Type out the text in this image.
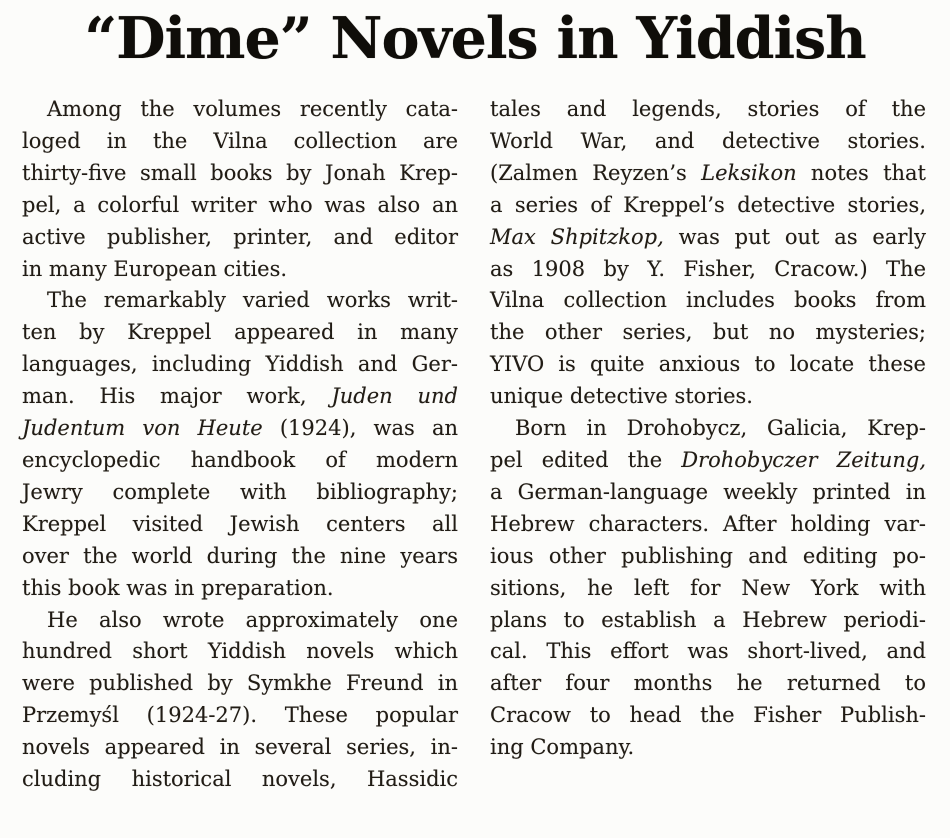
“Dime” Novels in Yiddish
Among the volumes recently cata-
loged in the Vilna collection are
thirty-five small books by Jonah Krep-
pel, a colorful writer who was also an
active publisher, printer, and editor
in many European cities.
The remarkably varied works writ-
ten by Kreppel appeared in many
languages, including Yiddish and Ger-
man. His major work, Juden und
Judentum von Heute (1924), was an
encyclopedic handbook of modern
Jewry complete with bibliography;
Kreppel visited Jewish centers all
over the world during the nine years
this book was in preparation.
He also wrote approximately one
hundred short Yiddish novels which
were published by Symkhe Freund in
Przemyśl (1924-27). These popular
novels appeared in several series, in-
cluding historical novels, Hassidic
tales and legends, stories of the
World War, and detective stories.
(Zalmen Reyzen’s Leksikon notes that
a series of Kreppel’s detective stories,
Max Shpitzkop, was put out as early
as 1908 by Y. Fisher, Cracow.) The
Vilna collection includes books from
the other series, but no mysteries;
YIVO is quite anxious to locate these
unique detective stories.
Born in Drohobycz, Galicia, Krep-
pel edited the Drohobyczer Zeitung,
a German-language weekly printed in
Hebrew characters. After holding var-
ious other publishing and editing po-
sitions, he left for New York with
plans to establish a Hebrew periodi-
cal. This effort was short-lived, and
after four months he returned to
Cracow to head the Fisher Publish-
ing Company.
